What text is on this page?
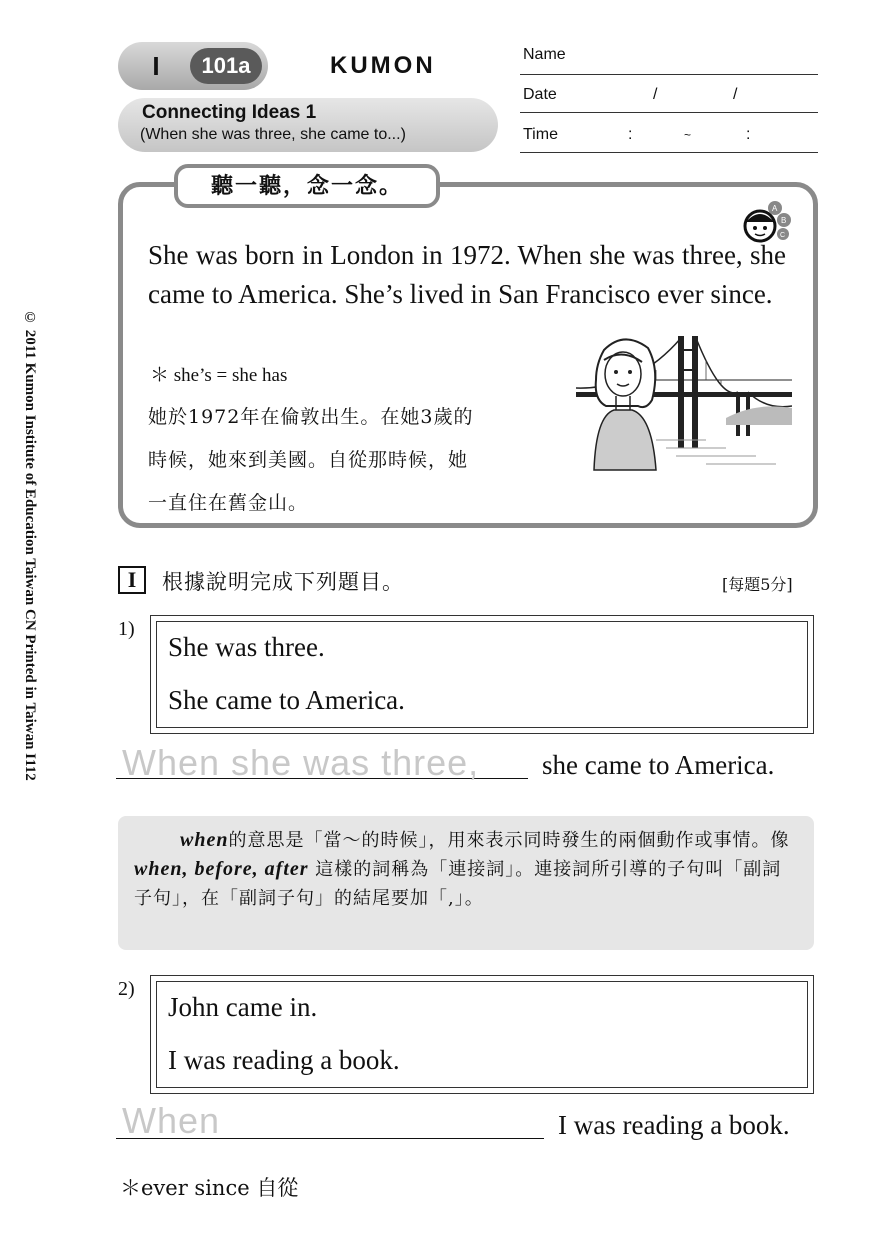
I	101a	KUMON
Connecting Ideas 1
(When she was three, she came to...)
Name
Date	/	/
Time	:	~	:
© 2011 Kumon Institute of Education Taiwan CN Printed in Taiwan I112
聽一聽，念一念。
A
B
C
She was born in London in 1972. When she was three, she came to America. She’s lived in San Francisco ever since.
＊ she’s = she has
她於1972年在倫敦出生。在她3歲的
時候，她來到美國。自從那時候，她
一直住在舊金山。
I	根據說明完成下列題目。	[每題5分]
1)
She was three.
She came to America.
When she was three, she came to America.
when的意思是「當～的時候」，用來表示同時發生的兩個動作或事情。像when, before, after 這樣的詞稱為「連接詞」。連接詞所引導的子句叫「副詞子句」，在「副詞子句」的結尾要加「,」。
2)
John came in.
I was reading a book.
When	I was reading a book.
＊ever since 自從
